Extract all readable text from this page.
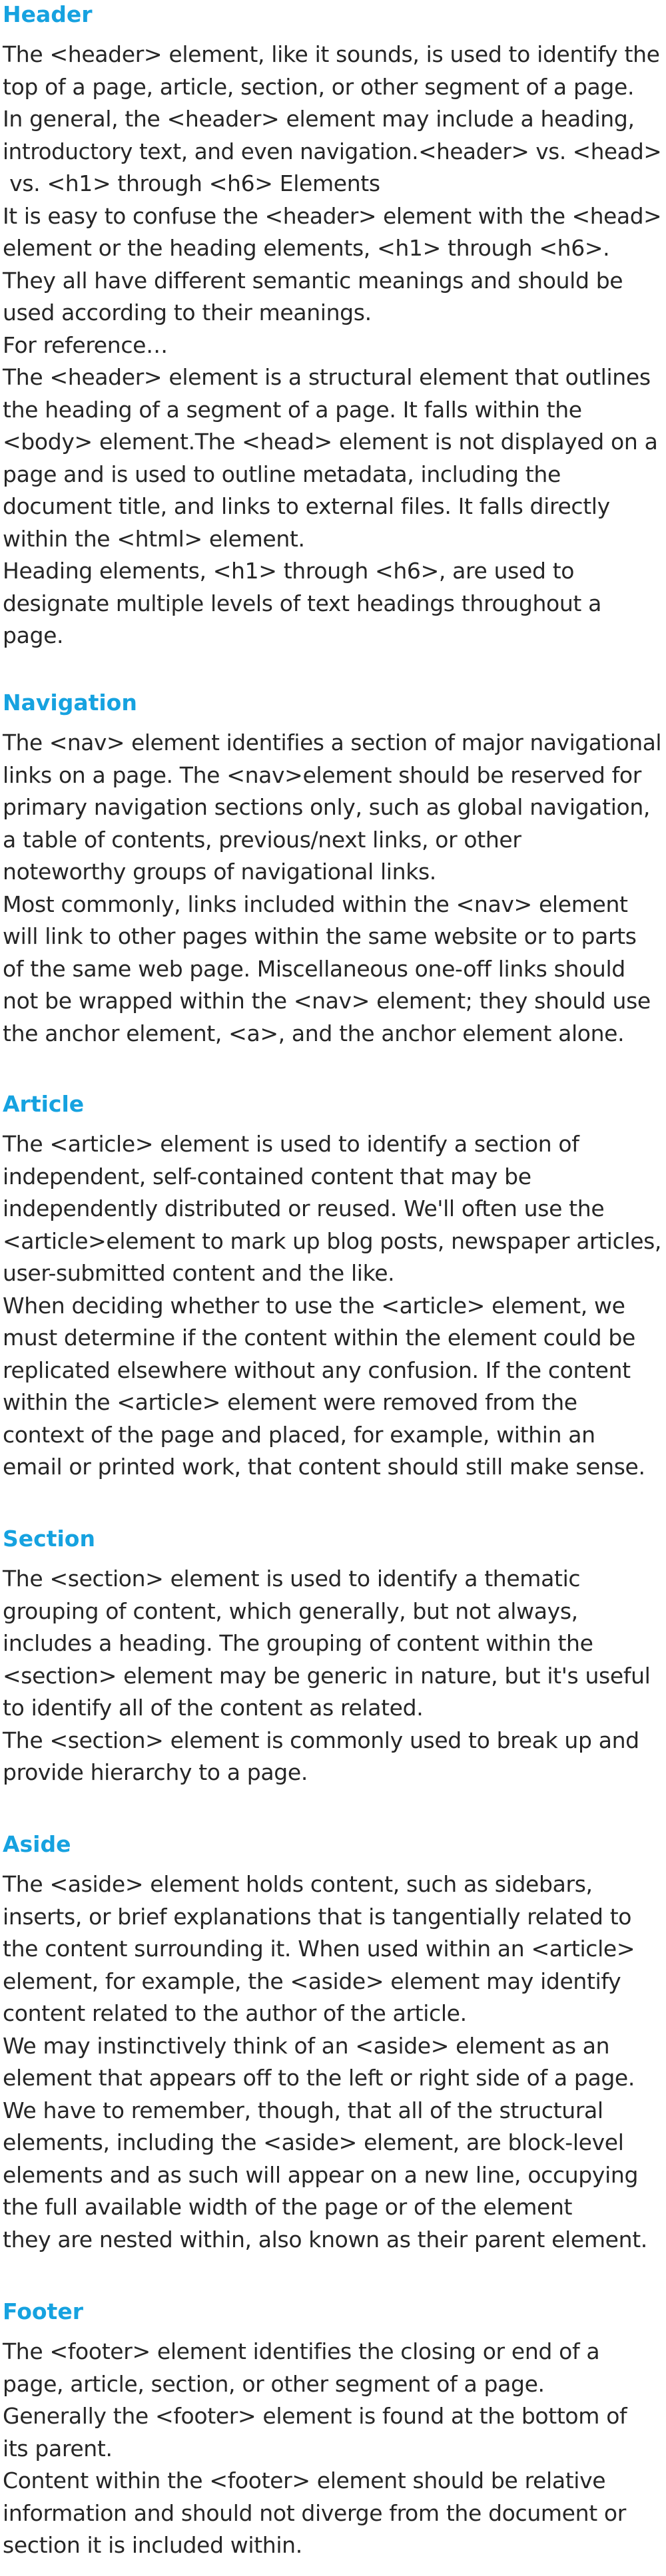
Header
The <header> element, like it sounds, is used to identify the
top of a page, article, section, or other segment of a page.
In general, the <header> element may include a heading,
introductory text, and even navigation.<header> vs. <head>
vs. <h1> through <h6> Elements
It is easy to confuse the <header> element with the <head>
element or the heading elements, <h1> through <h6>.
They all have different semantic meanings and should be
used according to their meanings.
For reference…
The <header> element is a structural element that outlines
the heading of a segment of a page. It falls within the
<body> element.The <head> element is not displayed on a
page and is used to outline metadata, including the
document title, and links to external files. It falls directly
within the <html> element.
Heading elements, <h1> through <h6>, are used to
designate multiple levels of text headings throughout a
page.
Navigation
The <nav> element identifies a section of major navigational
links on a page. The <nav>element should be reserved for
primary navigation sections only, such as global navigation,
a table of contents, previous/next links, or other
noteworthy groups of navigational links.
Most commonly, links included within the <nav> element
will link to other pages within the same website or to parts
of the same web page. Miscellaneous one-off links should
not be wrapped within the <nav> element; they should use
the anchor element, <a>, and the anchor element alone.
Article
The <article> element is used to identify a section of
independent, self-contained content that may be
independently distributed or reused. We'll often use the
<article>element to mark up blog posts, newspaper articles,
user-submitted content and the like.
When deciding whether to use the <article> element, we
must determine if the content within the element could be
replicated elsewhere without any confusion. If the content
within the <article> element were removed from the
context of the page and placed, for example, within an
email or printed work, that content should still make sense.
Section
The <section> element is used to identify a thematic
grouping of content, which generally, but not always,
includes a heading. The grouping of content within the
<section> element may be generic in nature, but it's useful
to identify all of the content as related.
The <section> element is commonly used to break up and
provide hierarchy to a page.
Aside
The <aside> element holds content, such as sidebars,
inserts, or brief explanations that is tangentially related to
the content surrounding it. When used within an <article>
element, for example, the <aside> element may identify
content related to the author of the article.
We may instinctively think of an <aside> element as an
element that appears off to the left or right side of a page.
We have to remember, though, that all of the structural
elements, including the <aside> element, are block-level
elements and as such will appear on a new line, occupying
the full available width of the page or of the element
they are nested within, also known as their parent element.
Footer
The <footer> element identifies the closing or end of a
page, article, section, or other segment of a page.
Generally the <footer> element is found at the bottom of
its parent.
Content within the <footer> element should be relative
information and should not diverge from the document or
section it is included within.
